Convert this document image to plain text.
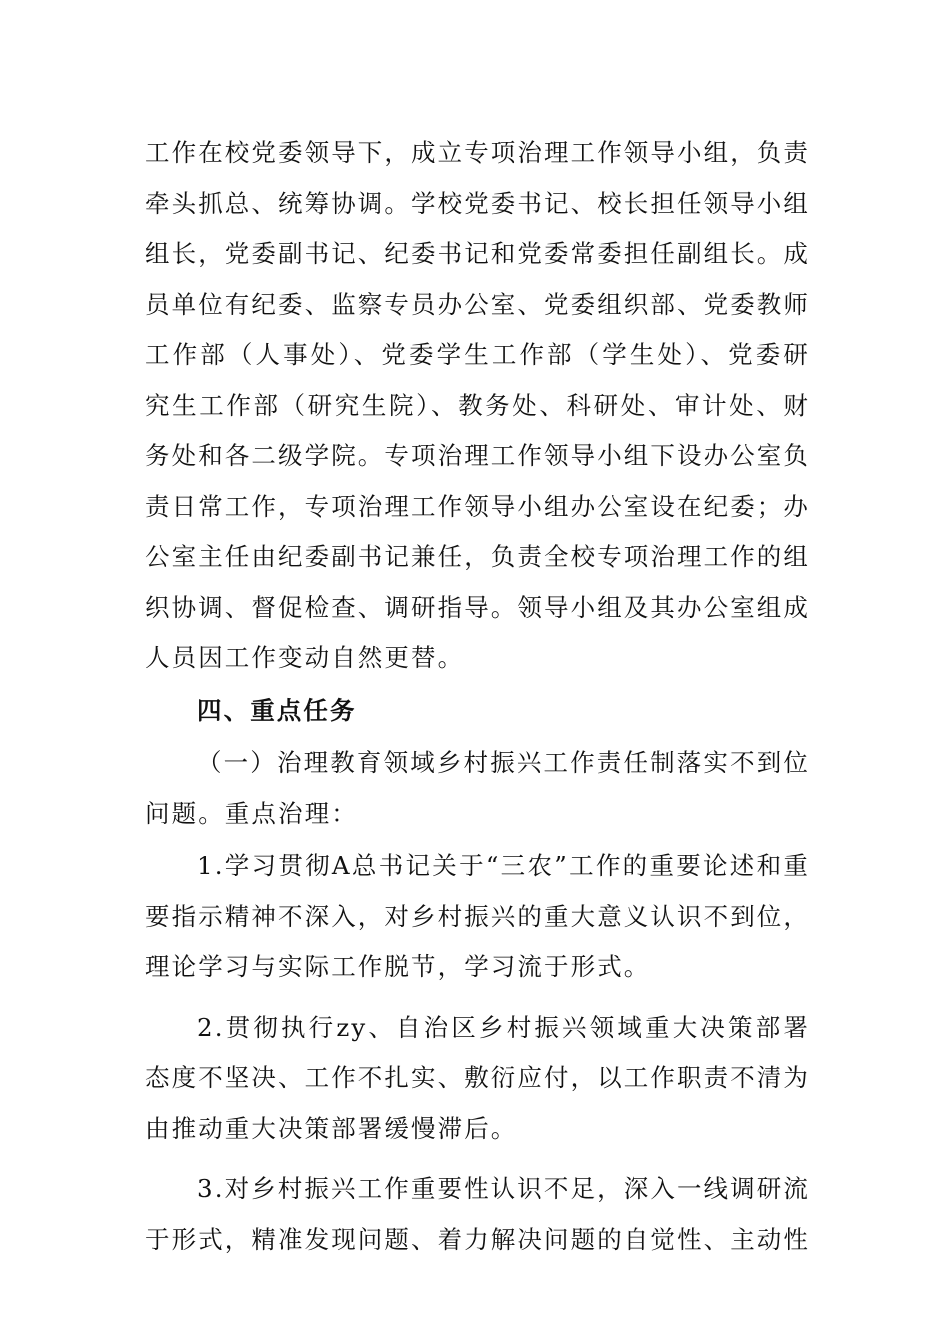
工作在校党委领导下，成立专项治理工作领导小组，负责牵头抓总、统筹协调。学校党委书记、校长担任领导小组组长，党委副书记、纪委书记和党委常委担任副组长。成员单位有纪委、监察专员办公室、党委组织部、党委教师工作部（人事处）、党委学生工作部（学生处）、党委研究生工作部（研究生院）、教务处、科研处、审计处、财务处和各二级学院。专项治理工作领导小组下设办公室负责日常工作，专项治理工作领导小组办公室设在纪委；办公室主任由纪委副书记兼任，负责全校专项治理工作的组织协调、督促检查、调研指导。领导小组及其办公室组成人员因工作变动自然更替。

四、重点任务

（一）治理教育领域乡村振兴工作责任制落实不到位问题。重点治理：

1.学习贯彻A总书记关于“三农”工作的重要论述和重要指示精神不深入，对乡村振兴的重大意义认识不到位，理论学习与实际工作脱节，学习流于形式。

2.贯彻执行zy、自治区乡村振兴领域重大决策部署态度不坚决、工作不扎实、敷衍应付，以工作职责不清为由推动重大决策部署缓慢滞后。

3.对乡村振兴工作重要性认识不足，深入一线调研流于形式，精准发现问题、着力解决问题的自觉性、主动性
